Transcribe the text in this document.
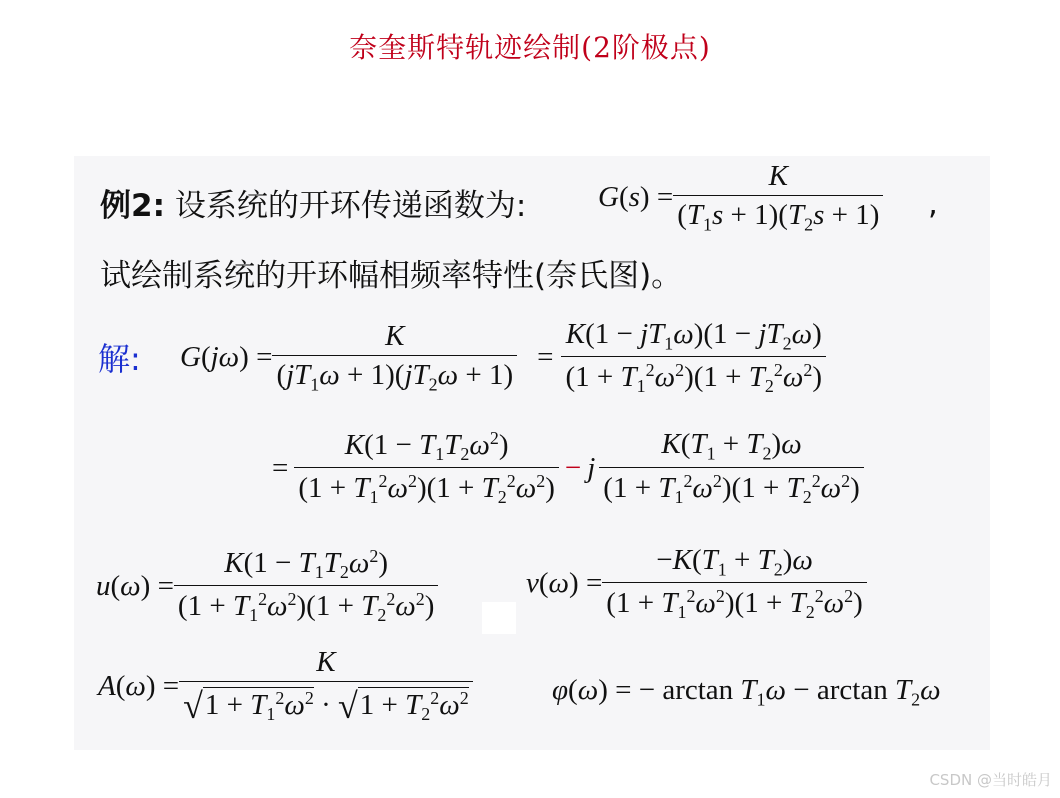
奈奎斯特轨迹绘制(2阶极点)
例2: 设系统的开环传递函数为: $G(s) = \frac{K}{(T_1s + 1)(T_2s + 1)}$ ,
试绘制系统的开环幅相频率特性(奈氏图)。
解: $G(j\omega) = \frac{K}{(jT_1\omega + 1)(jT_2\omega + 1)} = \frac{K(1 - jT_1\omega)(1 - jT_2\omega)}{(1 + T_1^2\omega^2)(1 + T_2^2\omega^2)}$
= $\frac{K(1 - T_1T_2\omega^2)}{(1 + T_1^2\omega^2)(1 + T_2^2\omega^2)} - j \frac{K(T_1 + T_2)\omega}{(1 + T_1^2\omega^2)(1 + T_2^2\omega^2)}$
$u(\omega) = \frac{K(1 - T_1T_2\omega^2)}{(1 + T_1^2\omega^2)(1 + T_2^2\omega^2)}$	$v(\omega) = \frac{-K(T_1 + T_2)\omega}{(1 + T_1^2\omega^2)(1 + T_2^2\omega^2)}$
$A(\omega) = \frac{K}{√1 + T_1^2\omega^2 \cdot √1 + T_2^2\omega^2}$	φ(ω) = − $\arctan T_1\omega - \arctan T_2\omega$
CSDN @当时皓月
